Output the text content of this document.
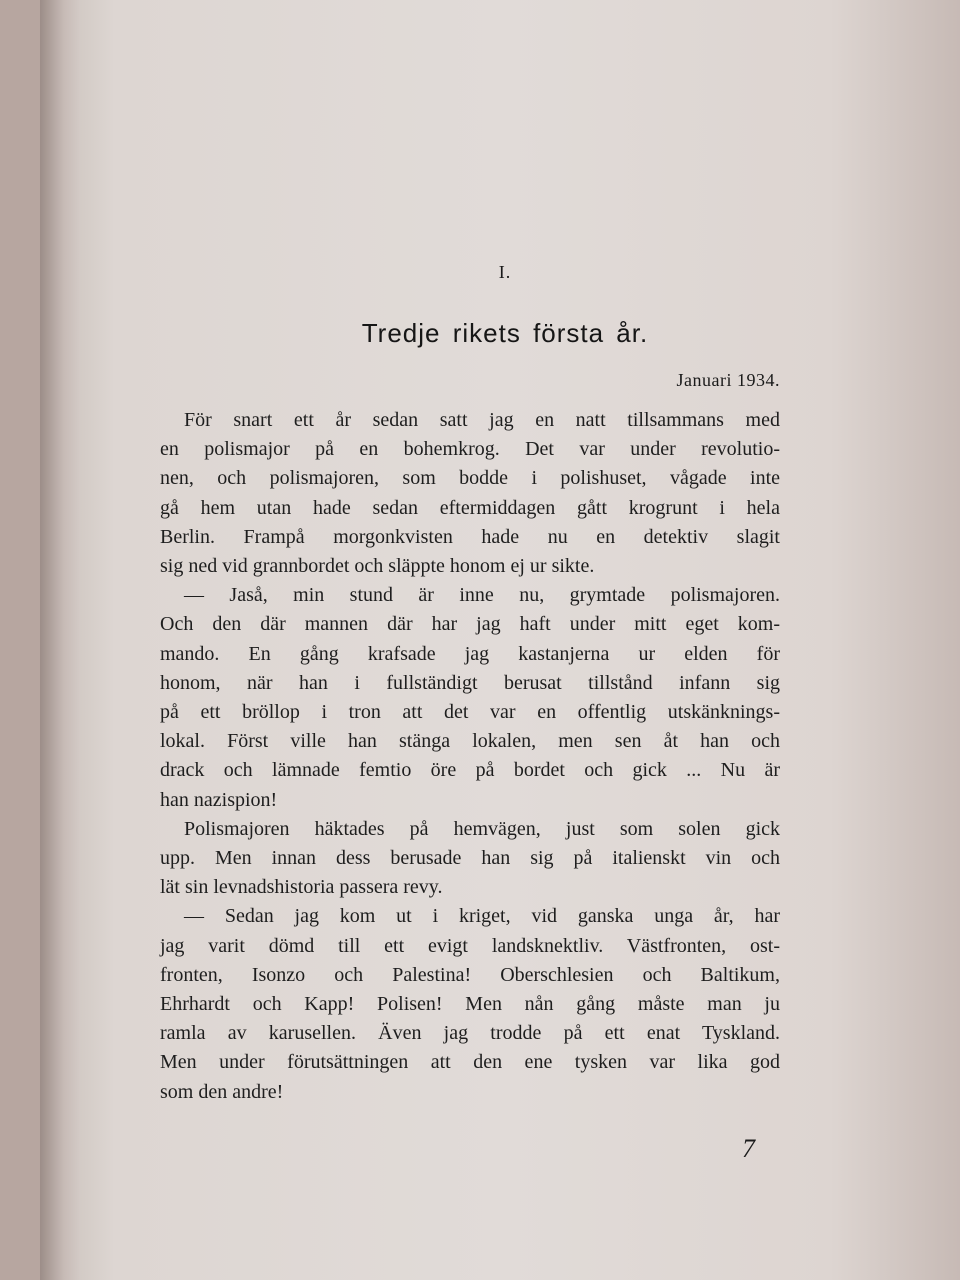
I.
Tredje rikets första år.
Januari 1934.
För snart ett år sedan satt jag en natt tillsammans med
en polismajor på en bohemkrog. Det var under revolutio-
nen, och polismajoren, som bodde i polishuset, vågade inte
gå hem utan hade sedan eftermiddagen gått krogrunt i hela
Berlin. Frampå morgonkvisten hade nu en detektiv slagit
sig ned vid grannbordet och släppte honom ej ur sikte.
— Jaså, min stund är inne nu, grymtade polismajoren.
Och den där mannen där har jag haft under mitt eget kom-
mando. En gång krafsade jag kastanjerna ur elden för
honom, när han i fullständigt berusat tillstånd infann sig
på ett bröllop i tron att det var en offentlig utskänknings-
lokal. Först ville han stänga lokalen, men sen åt han och
drack och lämnade femtio öre på bordet och gick ... Nu är
han nazispion!
Polismajoren häktades på hemvägen, just som solen gick
upp. Men innan dess berusade han sig på italienskt vin och
lät sin levnadshistoria passera revy.
— Sedan jag kom ut i kriget, vid ganska unga år, har
jag varit dömd till ett evigt landsknektliv. Västfronten, ost-
fronten, Isonzo och Palestina! Oberschlesien och Baltikum,
Ehrhardt och Kapp! Polisen! Men nån gång måste man ju
ramla av karusellen. Även jag trodde på ett enat Tyskland.
Men under förutsättningen att den ene tysken var lika god
som den andre!
7
